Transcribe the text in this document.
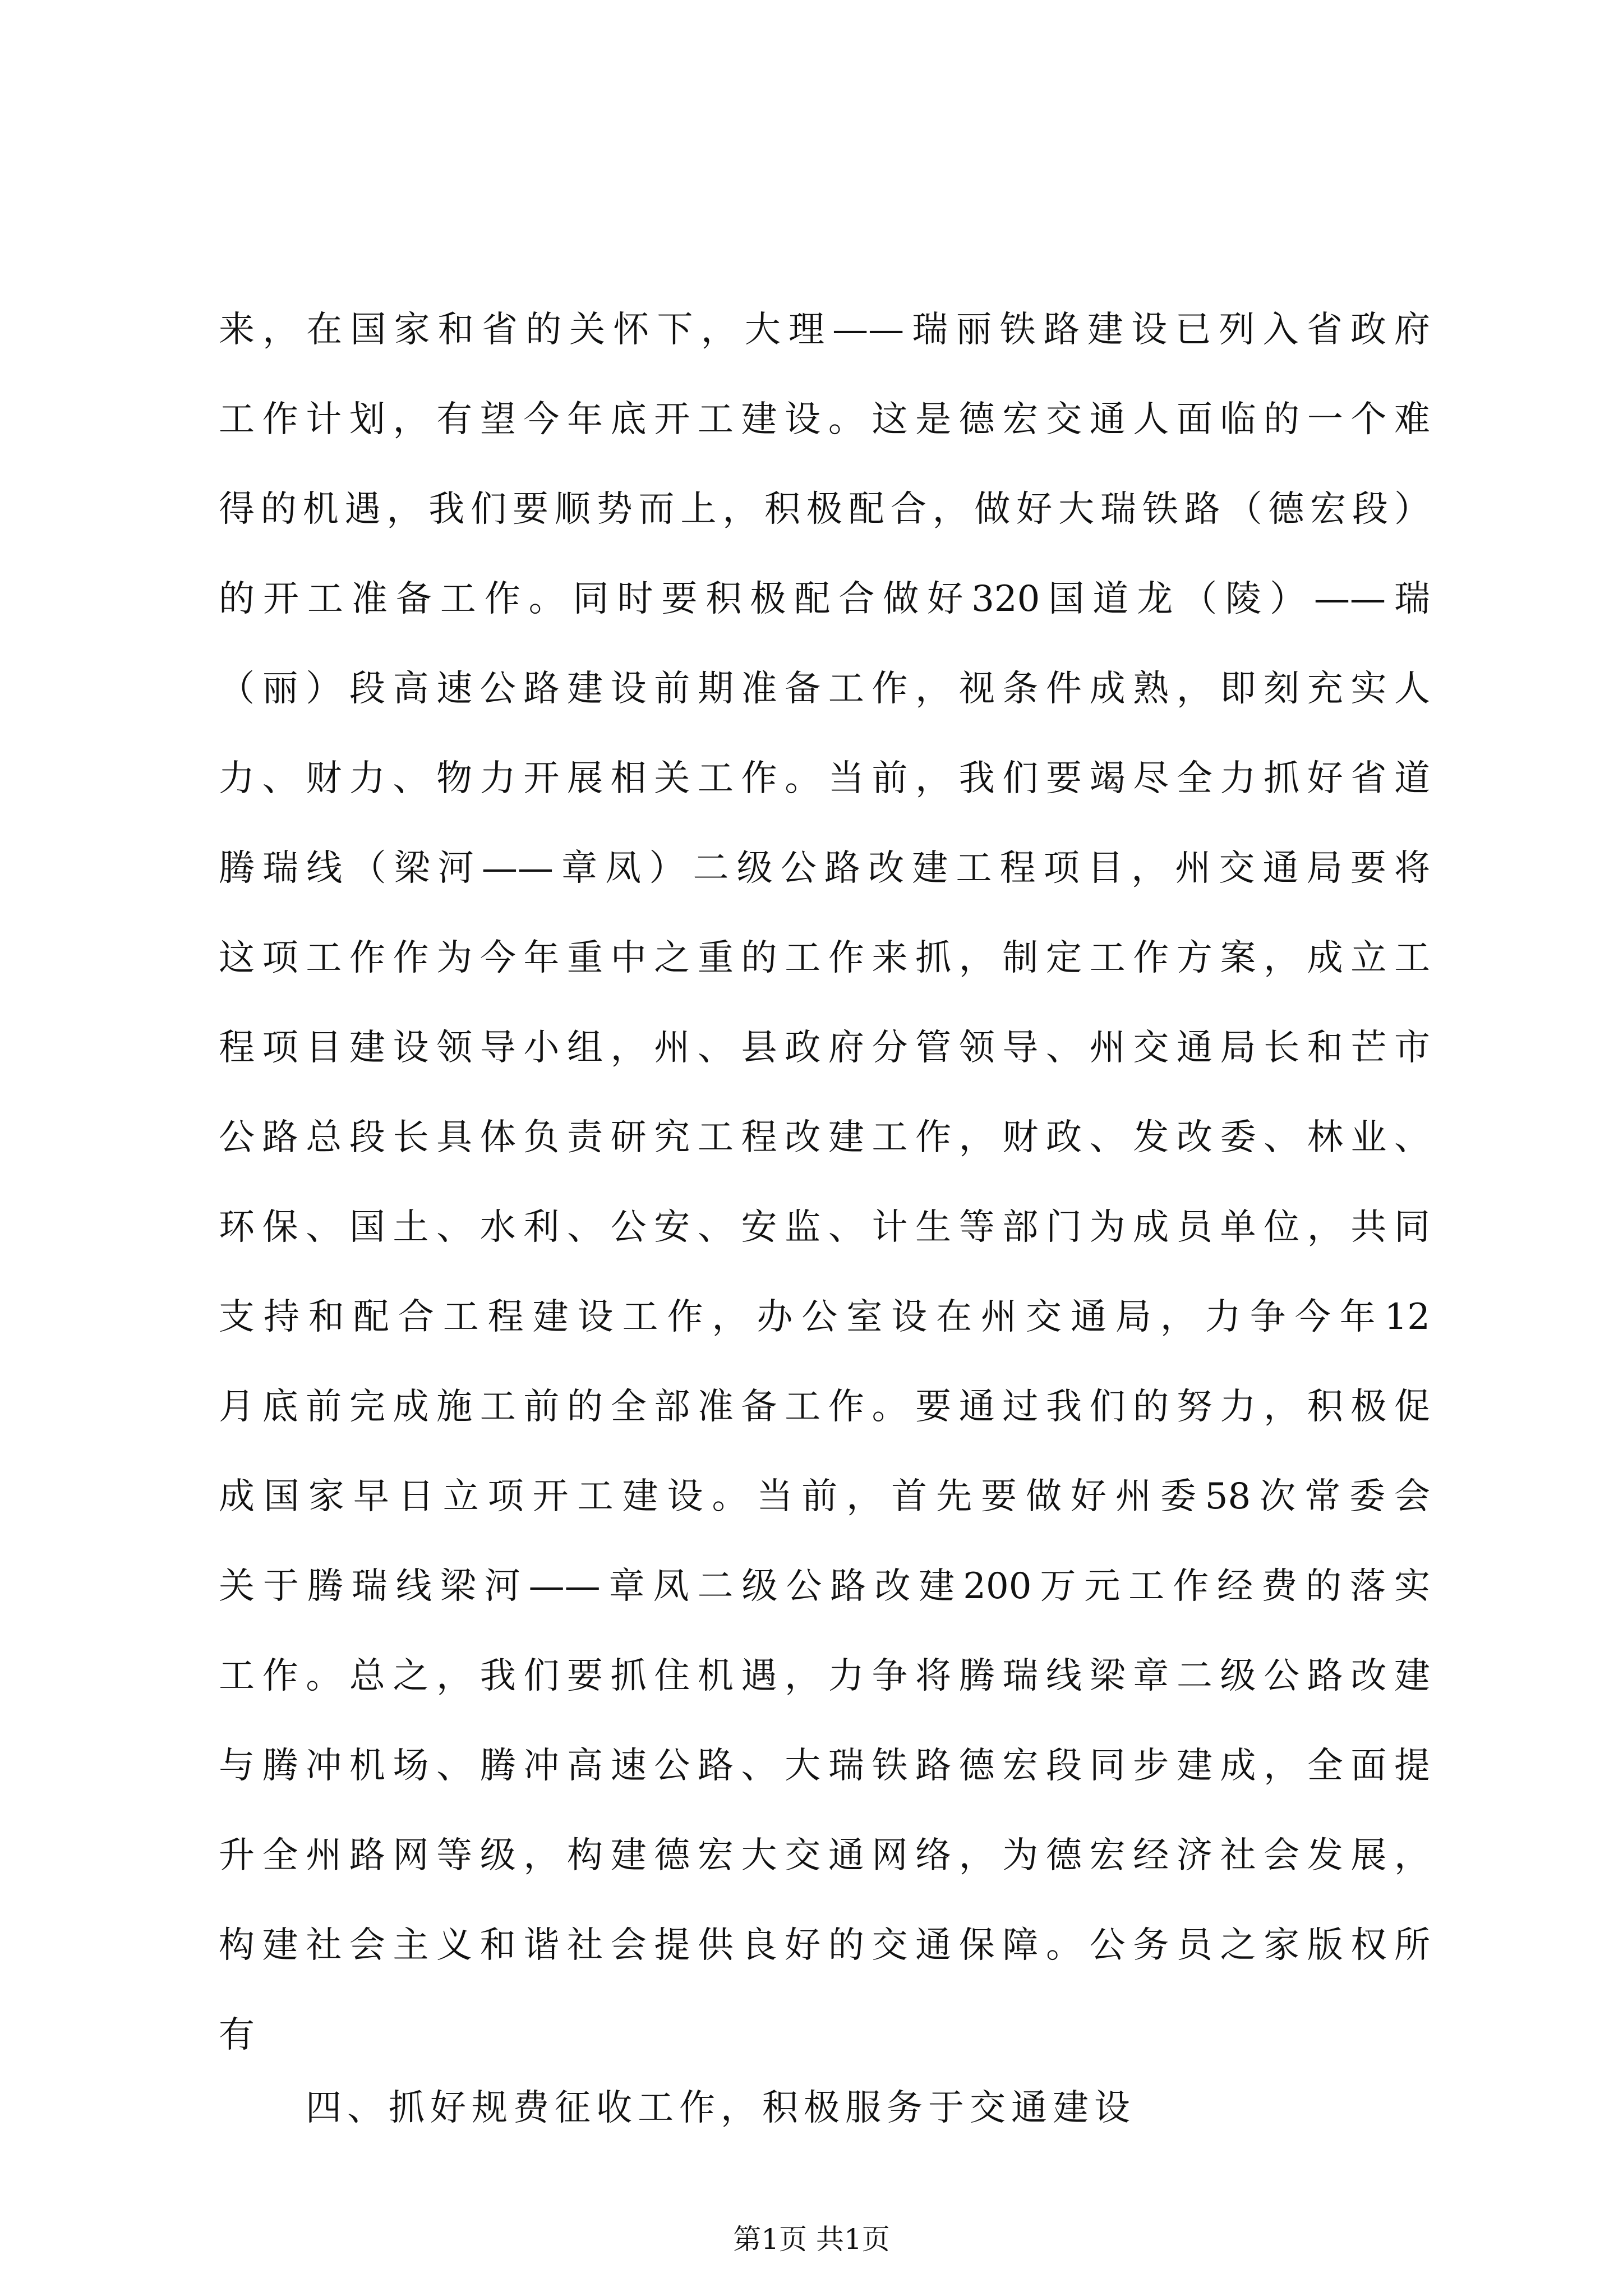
来，在国家和省的关怀下，大理——瑞丽铁路建设已列入省政府
工作计划，有望今年底开工建设。这是德宏交通人面临的一个难
得的机遇，我们要顺势而上，积极配合，做好大瑞铁路（德宏段）
的开工准备工作。同时要积极配合做好320国道龙（陵）——瑞
（丽）段高速公路建设前期准备工作，视条件成熟，即刻充实人
力、财力、物力开展相关工作。当前，我们要竭尽全力抓好省道
腾瑞线（梁河——章凤）二级公路改建工程项目，州交通局要将
这项工作作为今年重中之重的工作来抓，制定工作方案，成立工
程项目建设领导小组，州、县政府分管领导、州交通局长和芒市
公路总段长具体负责研究工程改建工作，财政、发改委、林业、
环保、国土、水利、公安、安监、计生等部门为成员单位，共同
支持和配合工程建设工作，办公室设在州交通局，力争今年12
月底前完成施工前的全部准备工作。要通过我们的努力，积极促
成国家早日立项开工建设。当前，首先要做好州委58次常委会
关于腾瑞线梁河——章凤二级公路改建200万元工作经费的落实
工作。总之，我们要抓住机遇，力争将腾瑞线梁章二级公路改建
与腾冲机场、腾冲高速公路、大瑞铁路德宏段同步建成，全面提
升全州路网等级，构建德宏大交通网络，为德宏经济社会发展，
构建社会主义和谐社会提供良好的交通保障。公务员之家版权所
有
四、抓好规费征收工作，积极服务于交通建设
第1页 共1页
